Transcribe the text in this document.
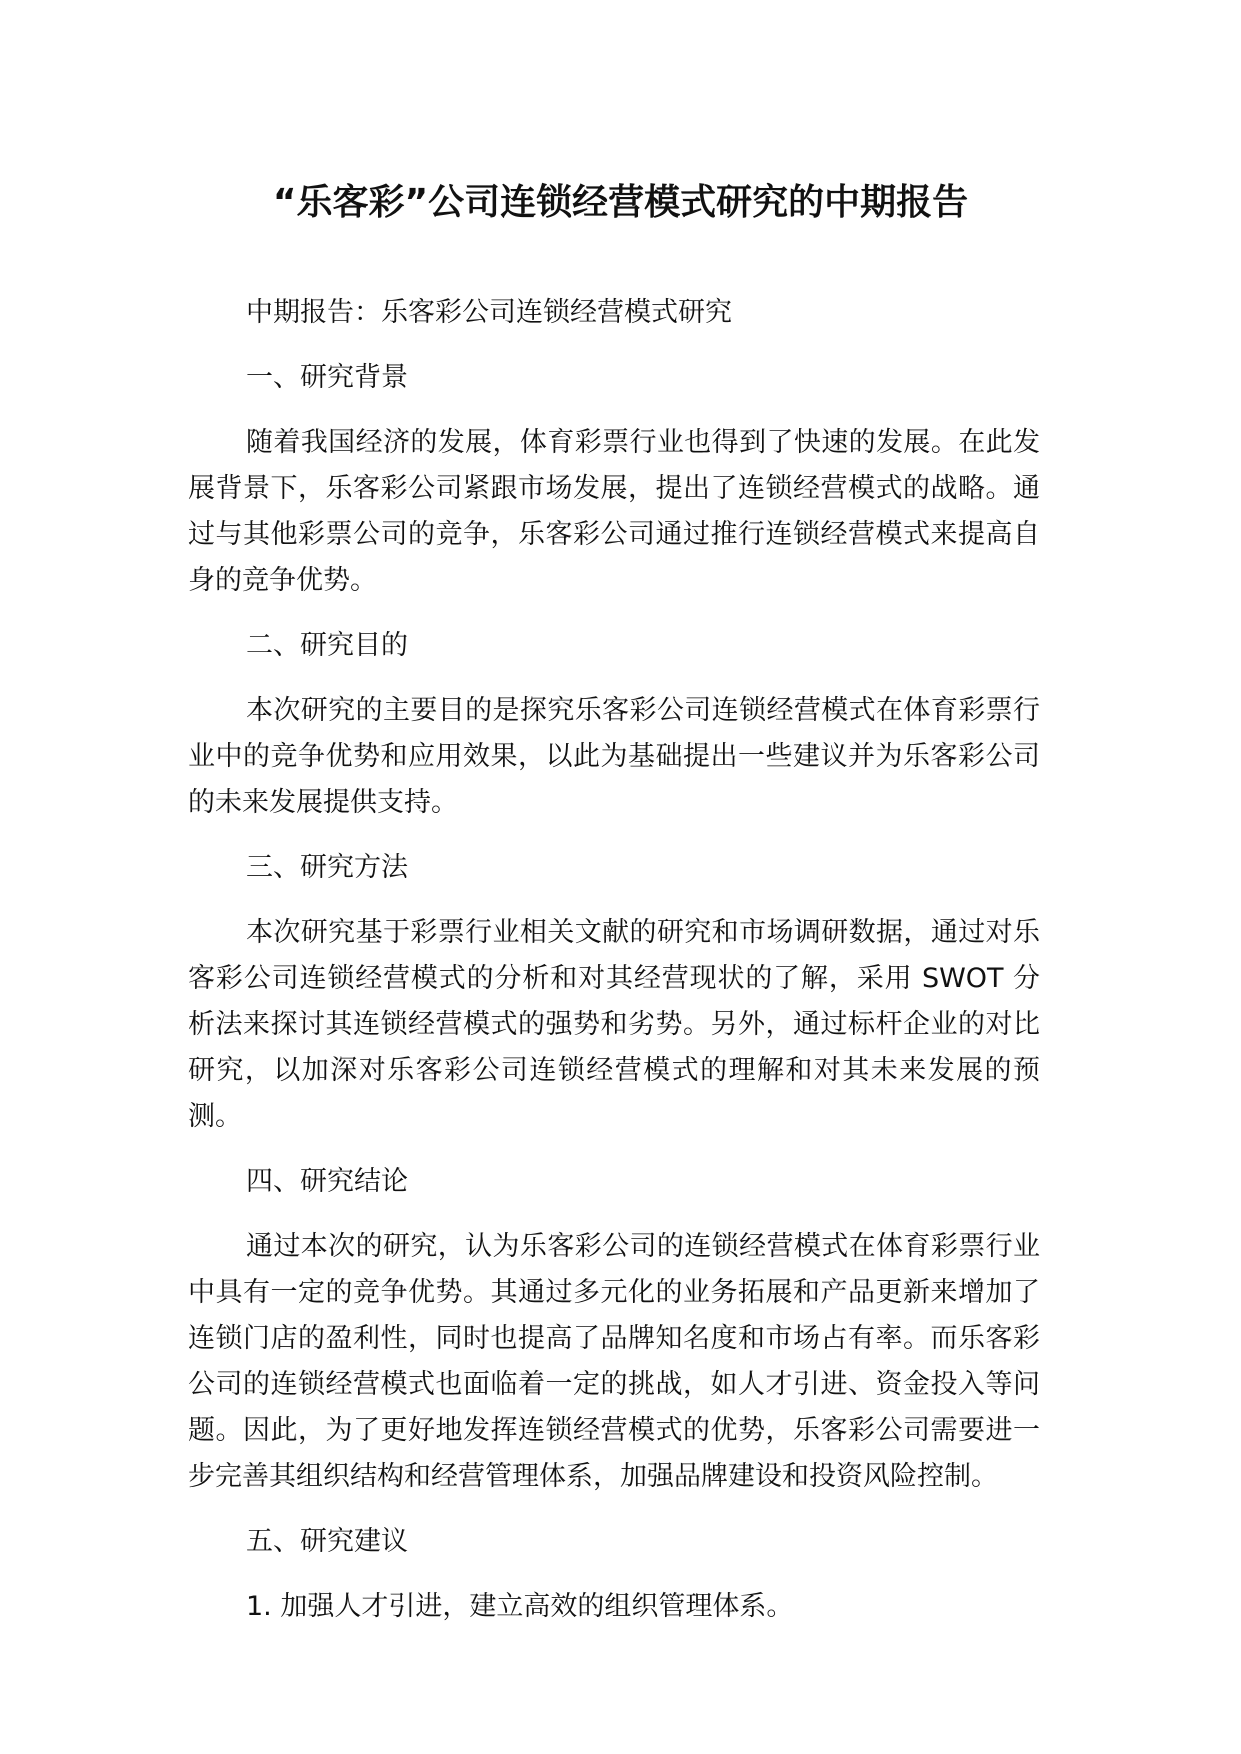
“乐客彩”公司连锁经营模式研究的中期报告

中期报告：乐客彩公司连锁经营模式研究

一、研究背景

随着我国经济的发展，体育彩票行业也得到了快速的发展。在此发展背景下，乐客彩公司紧跟市场发展，提出了连锁经营模式的战略。通过与其他彩票公司的竞争，乐客彩公司通过推行连锁经营模式来提高自身的竞争优势。

二、研究目的

本次研究的主要目的是探究乐客彩公司连锁经营模式在体育彩票行业中的竞争优势和应用效果，以此为基础提出一些建议并为乐客彩公司的未来发展提供支持。

三、研究方法

本次研究基于彩票行业相关文献的研究和市场调研数据，通过对乐客彩公司连锁经营模式的分析和对其经营现状的了解，采用 SWOT 分析法来探讨其连锁经营模式的强势和劣势。另外，通过标杆企业的对比研究，以加深对乐客彩公司连锁经营模式的理解和对其未来发展的预测。

四、研究结论

通过本次的研究，认为乐客彩公司的连锁经营模式在体育彩票行业中具有一定的竞争优势。其通过多元化的业务拓展和产品更新来增加了连锁门店的盈利性，同时也提高了品牌知名度和市场占有率。而乐客彩公司的连锁经营模式也面临着一定的挑战，如人才引进、资金投入等问题。因此，为了更好地发挥连锁经营模式的优势，乐客彩公司需要进一步完善其组织结构和经营管理体系，加强品牌建设和投资风险控制。

五、研究建议

1. 加强人才引进，建立高效的组织管理体系。
